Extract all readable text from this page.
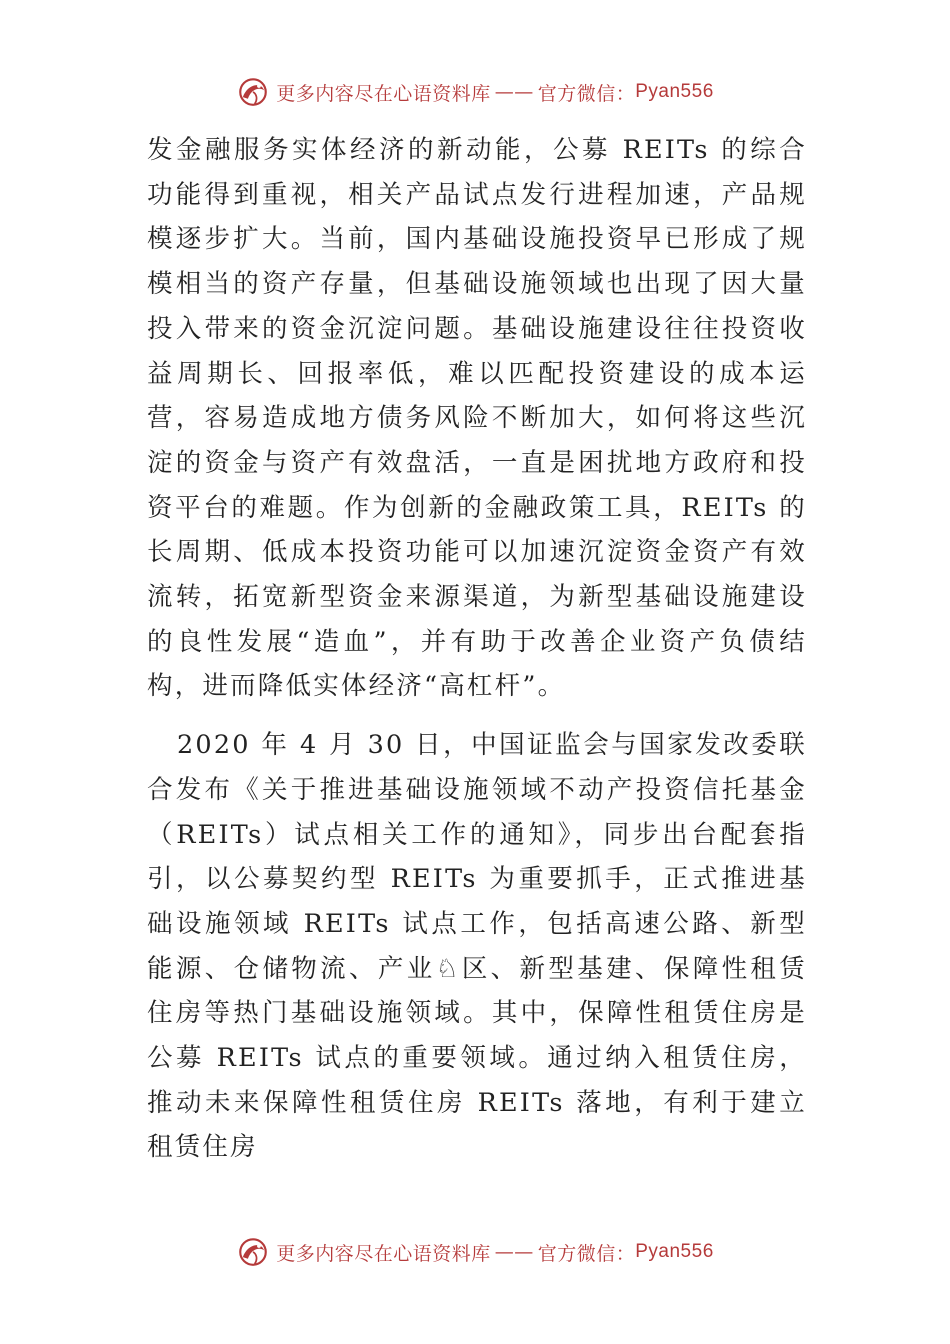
更多内容尽在心语资料库 —— 官方微信： Pyan556

发金融服务实体经济的新动能，公募 REITs 的综合功能得到重视，相关产品试点发行进程加速，产品规模逐步扩大。当前，国内基础设施投资早已形成了规模相当的资产存量，但基础设施领域也出现了因大量投入带来的资金沉淀问题。基础设施建设往往投资收益周期长、回报率低，难以匹配投资建设的成本运营，容易造成地方债务风险不断加大，如何将这些沉淀的资金与资产有效盘活，一直是困扰地方政府和投资平台的难题。作为创新的金融政策工具，REITs 的长周期、低成本投资功能可以加速沉淀资金资产有效流转，拓宽新型资金来源渠道，为新型基础设施建设的良性发展“造血”，并有助于改善企业资产负债结构，进而降低实体经济“高杠杆”。

2020 年 4 月 30 日，中国证监会与国家发改委联合发布《关于推进基础设施领域不动产投资信托基金（REITs）试点相关工作的通知》，同步出台配套指引，以公募契约型 REITs 为重要抓手，正式推进基础设施领域 REITs 试点工作，包括高速公路、新型能源、仓储物流、产业♘区、新型基建、保障性租赁住房等热门基础设施领域。其中，保障性租赁住房是公募 REITs 试点的重要领域。通过纳入租赁住房，推动未来保障性租赁住房 REITs 落地，有利于建立租赁住房

更多内容尽在心语资料库 —— 官方微信： Pyan556
